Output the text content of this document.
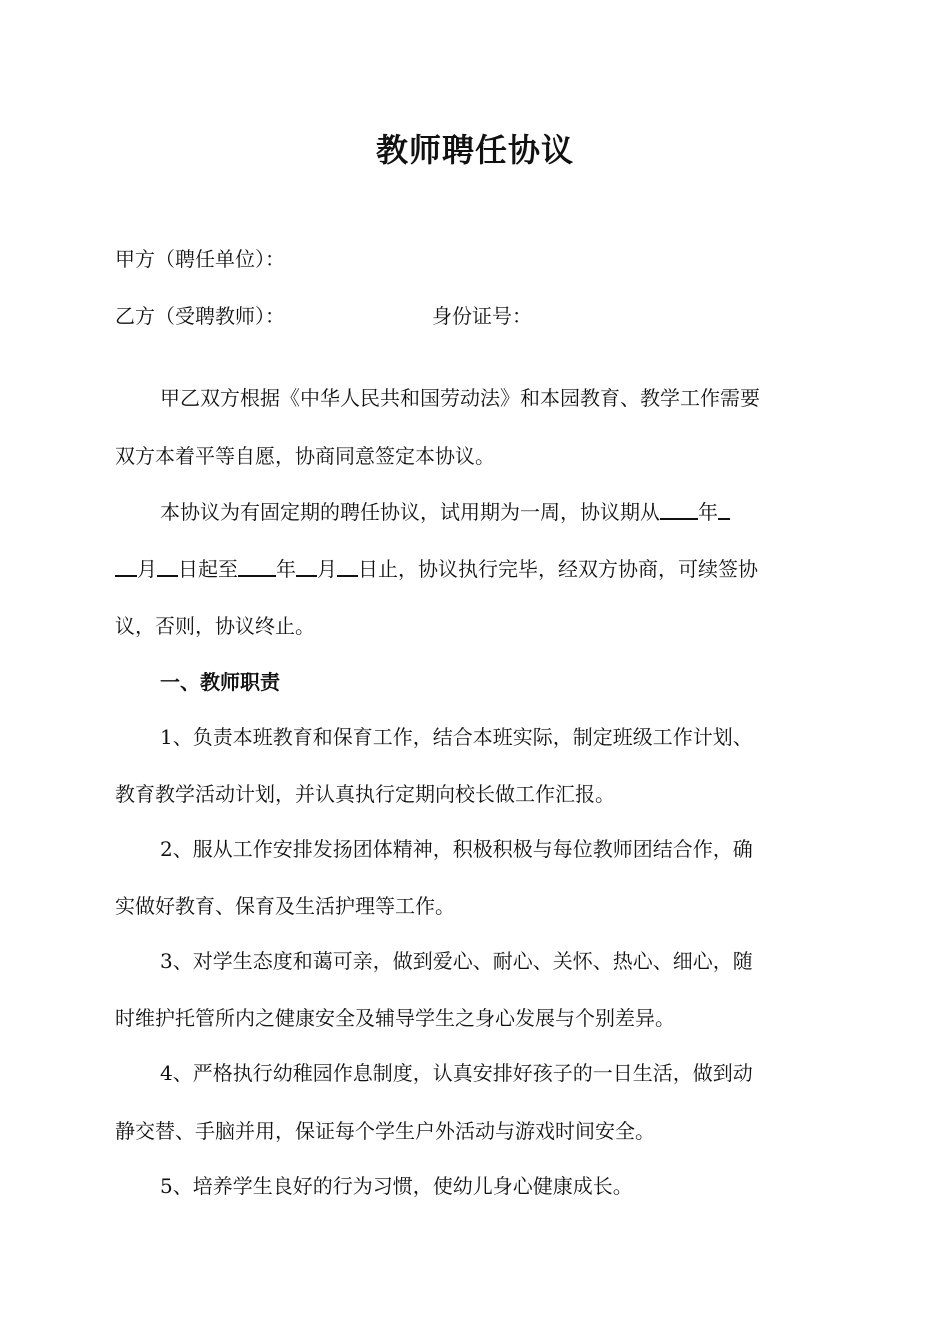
教师聘任协议
甲方（聘任单位）：
乙方（受聘教师）：	身份证号：
甲乙双方根据《中华人民共和国劳动法》和本园教育、教学工作需要
双方本着平等自愿，协商同意签定本协议。
本协议为有固定期的聘任协议，试用期为一周，协议期从 年
月 日起至 年 月 日止，协议执行完毕，经双方协商，可续签协
议，否则，协议终止。
一、教师职责
1、负责本班教育和保育工作，结合本班实际，制定班级工作计划、
教育教学活动计划，并认真执行定期向校长做工作汇报。
2、服从工作安排发扬团体精神，积极积极与每位教师团结合作，确
实做好教育、保育及生活护理等工作。
3、对学生态度和蔼可亲，做到爱心、耐心、关怀、热心、细心，随
时维护托管所内之健康安全及辅导学生之身心发展与个别差异。
4、严格执行幼稚园作息制度，认真安排好孩子的一日生活，做到动
静交替、手脑并用，保证每个学生户外活动与游戏时间安全。
5、培养学生良好的行为习惯，使幼儿身心健康成长。
